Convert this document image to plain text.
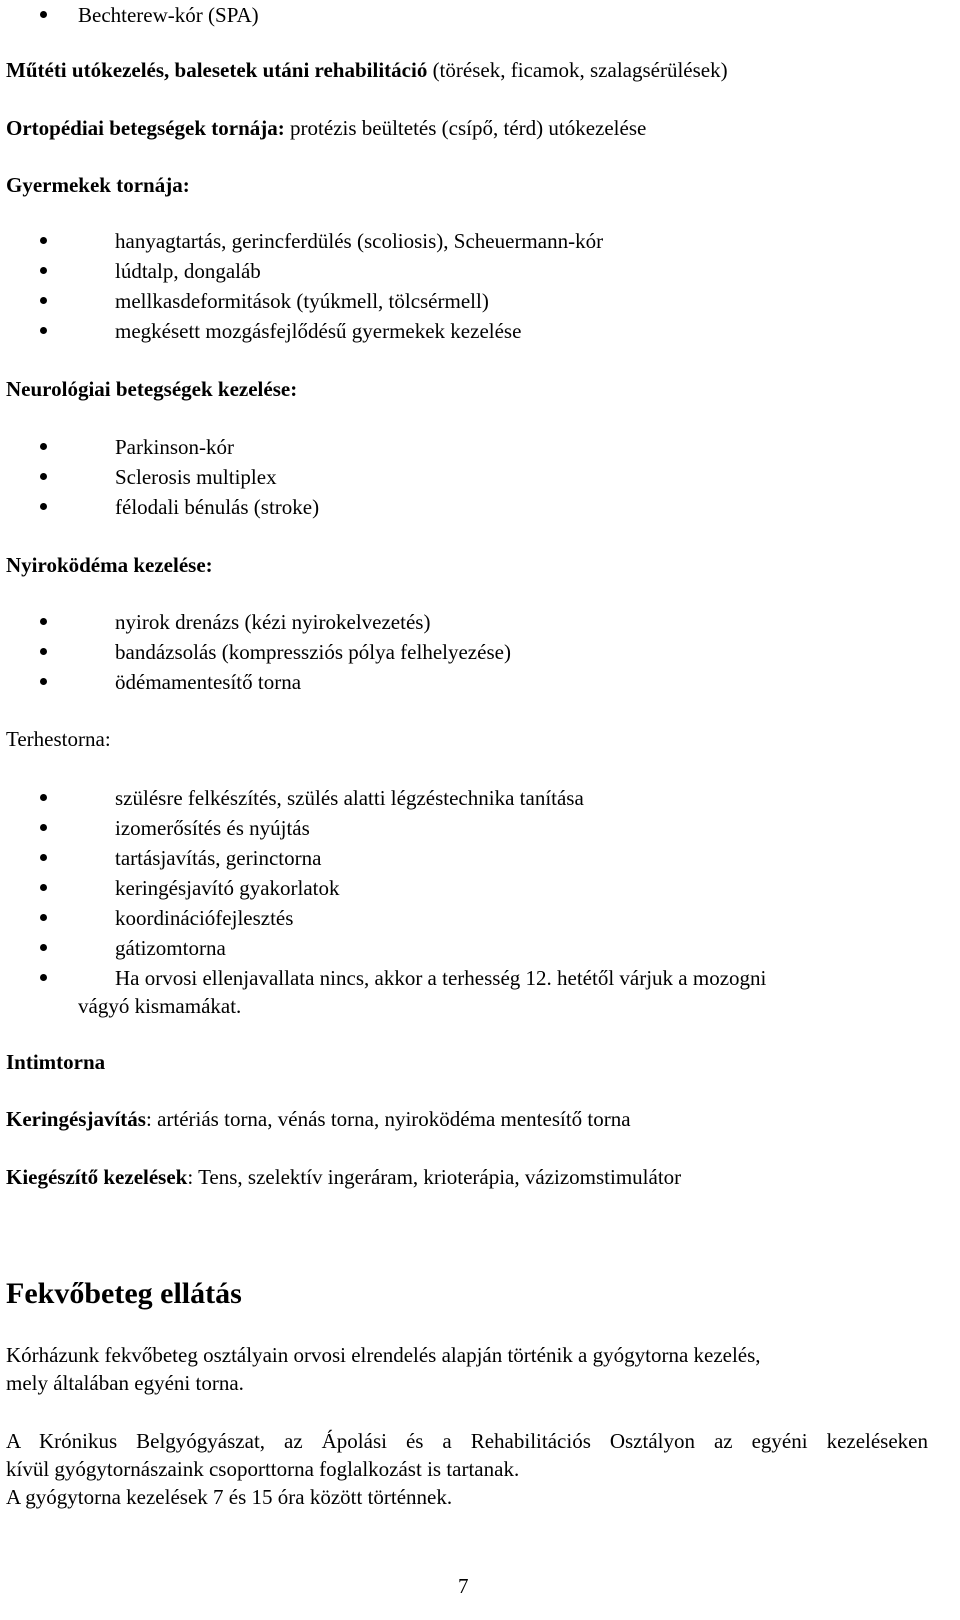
Bechterew-kór (SPA)
Műtéti utókezelés, balesetek utáni rehabilitáció (törések, ficamok, szalagsérülések)
Ortopédiai betegségek tornája: protézis beültetés (csípő, térd) utókezelése
Gyermekek tornája:
hanyagtartás, gerincferdülés (scoliosis), Scheuermann-kór
lúdtalp, dongaláb
mellkasdeformitások (tyúkmell, tölcsérmell)
megkésett mozgásfejlődésű gyermekek kezelése
Neurológiai betegségek kezelése:
Parkinson-kór
Sclerosis multiplex
félodali bénulás (stroke)
Nyiroködéma kezelése:
nyirok drenázs (kézi nyirokelvezetés)
bandázsolás (kompressziós pólya felhelyezése)
ödémamentesítő torna
Terhestorna:
szülésre felkészítés, szülés alatti légzéstechnika tanítása
izomerősítés és nyújtás
tartásjavítás, gerinctorna
keringésjavító gyakorlatok
koordinációfejlesztés
gátizomtorna
Ha orvosi ellenjavallata nincs, akkor a terhesség 12. hetétől várjuk a mozogni
vágyó kismamákat.
Intimtorna
Keringésjavítás: artériás torna, vénás torna, nyiroködéma mentesítő torna
Kiegészítő kezelések: Tens, szelektív ingeráram, krioterápia, vázizomstimulátor
Fekvőbeteg ellátás
Kórházunk fekvőbeteg osztályain orvosi elrendelés alapján történik a gyógytorna kezelés,
mely általában egyéni torna.
A Krónikus Belgyógyászat, az Ápolási és a Rehabilitációs Osztályon az egyéni kezeléseken
kívül gyógytornászaink csoporttorna foglalkozást is tartanak.
A gyógytorna kezelések 7 és 15 óra között történnek.
7
